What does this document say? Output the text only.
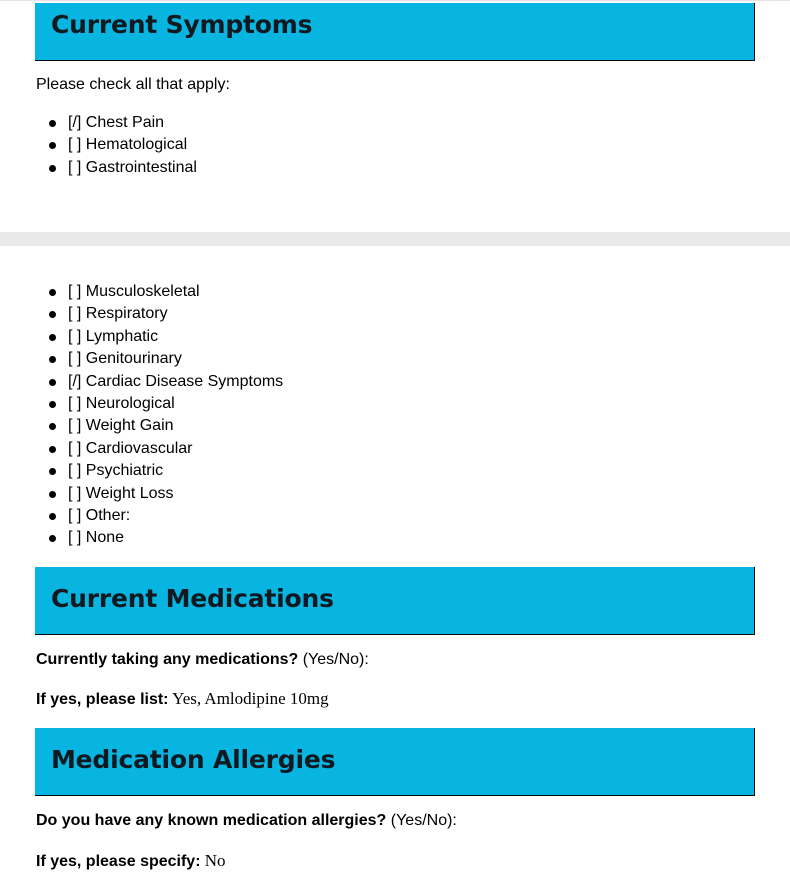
Current Symptoms
Please check all that apply:
[/] Chest Pain
[ ] Hematological
[ ] Gastrointestinal
[ ] Musculoskeletal
[ ] Respiratory
[ ] Lymphatic
[ ] Genitourinary
[/] Cardiac Disease Symptoms
[ ] Neurological
[ ] Weight Gain
[ ] Cardiovascular
[ ] Psychiatric
[ ] Weight Loss
[ ] Other:
[ ] None
Current Medications
Currently taking any medications? (Yes/No):
If yes, please list: Yes, Amlodipine 10mg
Medication Allergies
Do you have any known medication allergies? (Yes/No):
If yes, please specify: No
